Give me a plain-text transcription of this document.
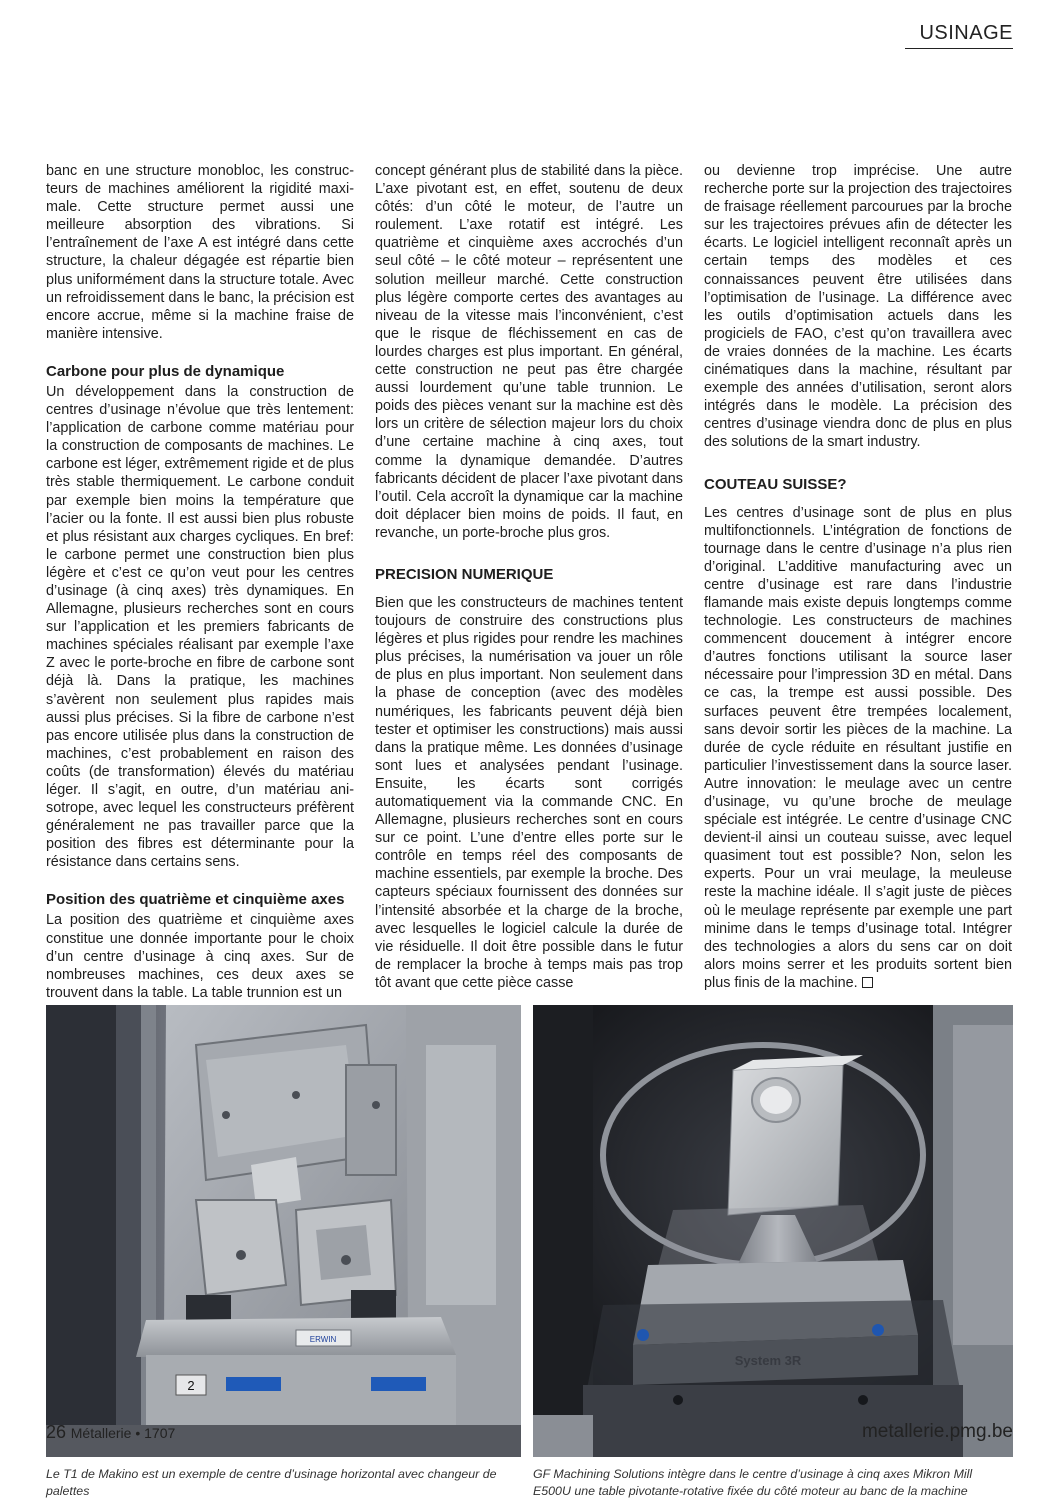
USINAGE

banc en une structure monobloc, les constructeurs de machines améliorent la rigidité maximale. Cette structure permet aussi une meilleure absorption des vibrations. Si l’entraînement de l’axe A est intégré dans cette structure, la chaleur dégagée est répartie bien plus uniformément dans la structure totale. Avec un refroidissement dans le banc, la précision est encore accrue, même si la machine fraise de manière intensive.

Carbone pour plus de dynamique

Un développement dans la construction de centres d’usinage n’évolue que très lentement: l’application de carbone comme matériau pour la construction de composants de machines. Le carbone est léger, extrêmement rigide et de plus très stable thermiquement. Le carbone conduit par exemple bien moins la température que l’acier ou la fonte. Il est aussi bien plus robuste et plus résistant aux charges cycliques. En bref: le carbone permet une construction bien plus légère et c’est ce qu’on veut pour les centres d’usinage (à cinq axes) très dynamiques. En Allemagne, plusieurs recherches sont en cours sur l’application et les premiers fabricants de machines spéciales réalisant par exemple l’axe Z avec le porte-broche en fibre de carbone sont déjà là. Dans la pratique, les machines s’avèrent non seulement plus rapides mais aussi plus précises. Si la fibre de carbone n’est pas encore utilisée plus dans la construction de machines, c’est probablement en raison des coûts (de transformation) élevés du matériau léger. Il s’agit, en outre, d’un matériau anisotrope, avec lequel les constructeurs préfèrent généralement ne pas travailler parce que la position des fibres est déterminante pour la résistance dans certains sens.

Position des quatrième et cinquième axes

La position des quatrième et cinquième axes constitue une donnée importante pour le choix d’un centre d’usinage à cinq axes. Sur de nombreuses machines, ces deux axes se trouvent dans la table. La table trunnion est un

concept générant plus de stabilité dans la pièce. L’axe pivotant est, en effet, soutenu de deux côtés: d’un côté le moteur, de l’autre un roulement. L’axe rotatif est intégré. Les quatrième et cinquième axes accrochés d’un seul côté – le côté moteur – représentent une solution meilleur marché. Cette construction plus légère comporte certes des avantages au niveau de la vitesse mais l’inconvénient, c’est que le risque de fléchissement en cas de lourdes charges est plus important. En général, cette construction ne peut pas être chargée aussi lourdement qu’une table trunnion. Le poids des pièces venant sur la machine est dès lors un critère de sélection majeur lors du choix d’une certaine machine à cinq axes, tout comme la dynamique demandée. D’autres fabricants décident de placer l’axe pivotant dans l’outil. Cela accroît la dynamique car la machine doit déplacer bien moins de poids. Il faut, en revanche, un porte-broche plus gros.

PRECISION NUMERIQUE

Bien que les constructeurs de machines tentent toujours de construire des constructions plus légères et plus rigides pour rendre les machines plus précises, la numérisation va jouer un rôle de plus en plus important. Non seulement dans la phase de conception (avec des modèles numériques, les fabricants peuvent déjà bien tester et optimiser les constructions) mais aussi dans la pratique même. Les données d’usinage sont lues et analysées pendant l’usinage. Ensuite, les écarts sont corrigés automatiquement via la commande CNC. En Allemagne, plusieurs recherches sont en cours sur ce point. L’une d’entre elles porte sur le contrôle en temps réel des composants de machine essentiels, par exemple la broche. Des capteurs spéciaux fournissent des données sur l’intensité absorbée et la charge de la broche, avec lesquelles le logiciel calcule la durée de vie résiduelle. Il doit être possible dans le futur de remplacer la broche à temps mais pas trop tôt avant que cette pièce casse

ou devienne trop imprécise. Une autre recherche porte sur la projection des trajectoires de fraisage réellement parcourues par la broche sur les trajectoires prévues afin de détecter les écarts. Le logiciel intelligent reconnaît après un certain temps des modèles et ces connaissances peuvent être utilisées dans l’optimisation de l’usinage. La différence avec les outils d’optimisation actuels dans les progiciels de FAO, c’est qu’on travaillera avec de vraies données de la machine. Les écarts cinématiques dans la machine, résultant par exemple des années d’utilisation, seront alors intégrés dans le modèle. La précision des centres d’usinage viendra donc de plus en plus des solutions de la smart industry.

COUTEAU SUISSE?

Les centres d’usinage sont de plus en plus multifonctionnels. L’intégration de fonctions de tournage dans le centre d’usinage n’a plus rien d’original. L’additive manufacturing avec un centre d’usinage est rare dans l’industrie flamande mais existe depuis longtemps comme technologie. Les constructeurs de machines commencent doucement à intégrer encore d’autres fonctions utilisant la source laser nécessaire pour l’impression 3D en métal. Dans ce cas, la trempe est aussi possible. Des surfaces peuvent être trempées localement, sans devoir sortir les pièces de la machine. La durée de cycle réduite en résultant justifie en particulier l’investissement dans la source laser. Autre innovation: le meulage avec un centre d’usinage, vu qu’une broche de meulage spéciale est intégrée. Le centre d’usinage CNC devient-il ainsi un couteau suisse, avec lequel quasiment tout est possible? Non, selon les experts. Pour un vrai meulage, la meuleuse reste la machine idéale. Il s’agit juste de pièces où le meulage représente par exemple une part minime dans le temps d’usinage total. Intégrer des technologies a alors du sens car on doit alors moins serrer et les produits sortent bien plus finis de la machine.

ERWIN
2
Le T1 de Makino est un exemple de centre d’usinage horizontal avec changeur de palettes
GF Machining Solutions intègre dans le centre d’usinage à cinq axes Mikron Mill E500U une table pivotante-rotative fixée du côté moteur au banc de la machine
26 Métallerie • 1707	metallerie.pmg.be
